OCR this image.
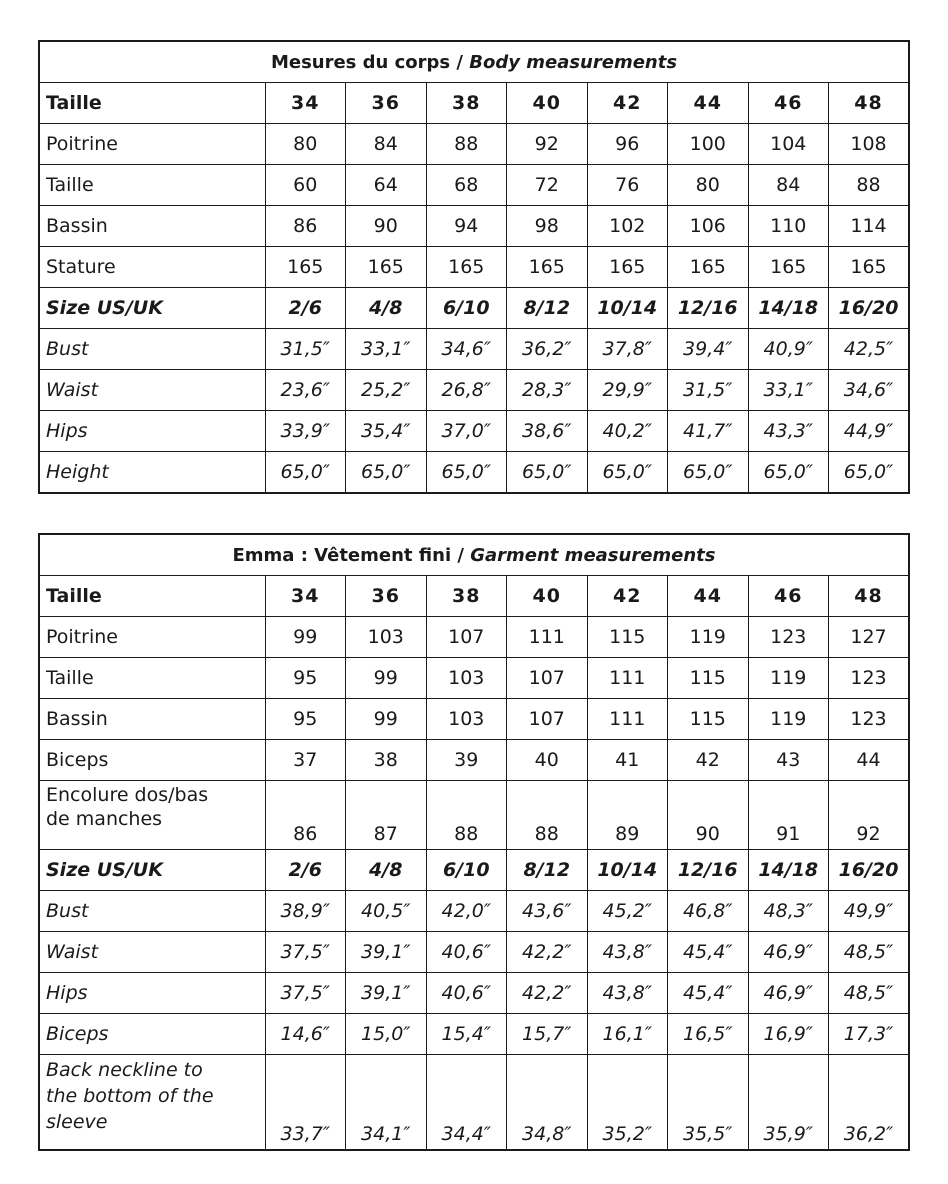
Mesures du corps / Body measurements								
Taille	34	36	38	40	42	44	46	48
Poitrine	80	84	88	92	96	100	104	108
Taille	60	64	68	72	76	80	84	88
Bassin	86	90	94	98	102	106	110	114
Stature	165	165	165	165	165	165	165	165
Size US/UK	2/6	4/8	6/10	8/12	10/14	12/16	14/18	16/20
Bust	31,5″	33,1″	34,6″	36,2″	37,8″	39,4″	40,9″	42,5″
Waist	23,6″	25,2″	26,8″	28,3″	29,9″	31,5″	33,1″	34,6″
Hips	33,9″	35,4″	37,0″	38,6″	40,2″	41,7″	43,3″	44,9″
Height	65,0″	65,0″	65,0″	65,0″	65,0″	65,0″	65,0″	65,0″
Emma : Vêtement fini / Garment measurements								
Taille	34	36	38	40	42	44	46	48
Poitrine	99	103	107	111	115	119	123	127
Taille	95	99	103	107	111	115	119	123
Bassin	95	99	103	107	111	115	119	123
Biceps	37	38	39	40	41	42	43	44

Encolure dos/bas
de manches	86	87	88	88	89	90	91	92
Size US/UK	2/6	4/8	6/10	8/12	10/14	12/16	14/18	16/20
Bust	38,9″	40,5″	42,0″	43,6″	45,2″	46,8″	48,3″	49,9″
Waist	37,5″	39,1″	40,6″	42,2″	43,8″	45,4″	46,9″	48,5″
Hips	37,5″	39,1″	40,6″	42,2″	43,8″	45,4″	46,9″	48,5″
Biceps	14,6″	15,0″	15,4″	15,7″	16,1″	16,5″	16,9″	17,3″

Back neckline to
the bottom of the
sleeve	33,7″	34,1″	34,4″	34,8″	35,2″	35,5″	35,9″	36,2″
